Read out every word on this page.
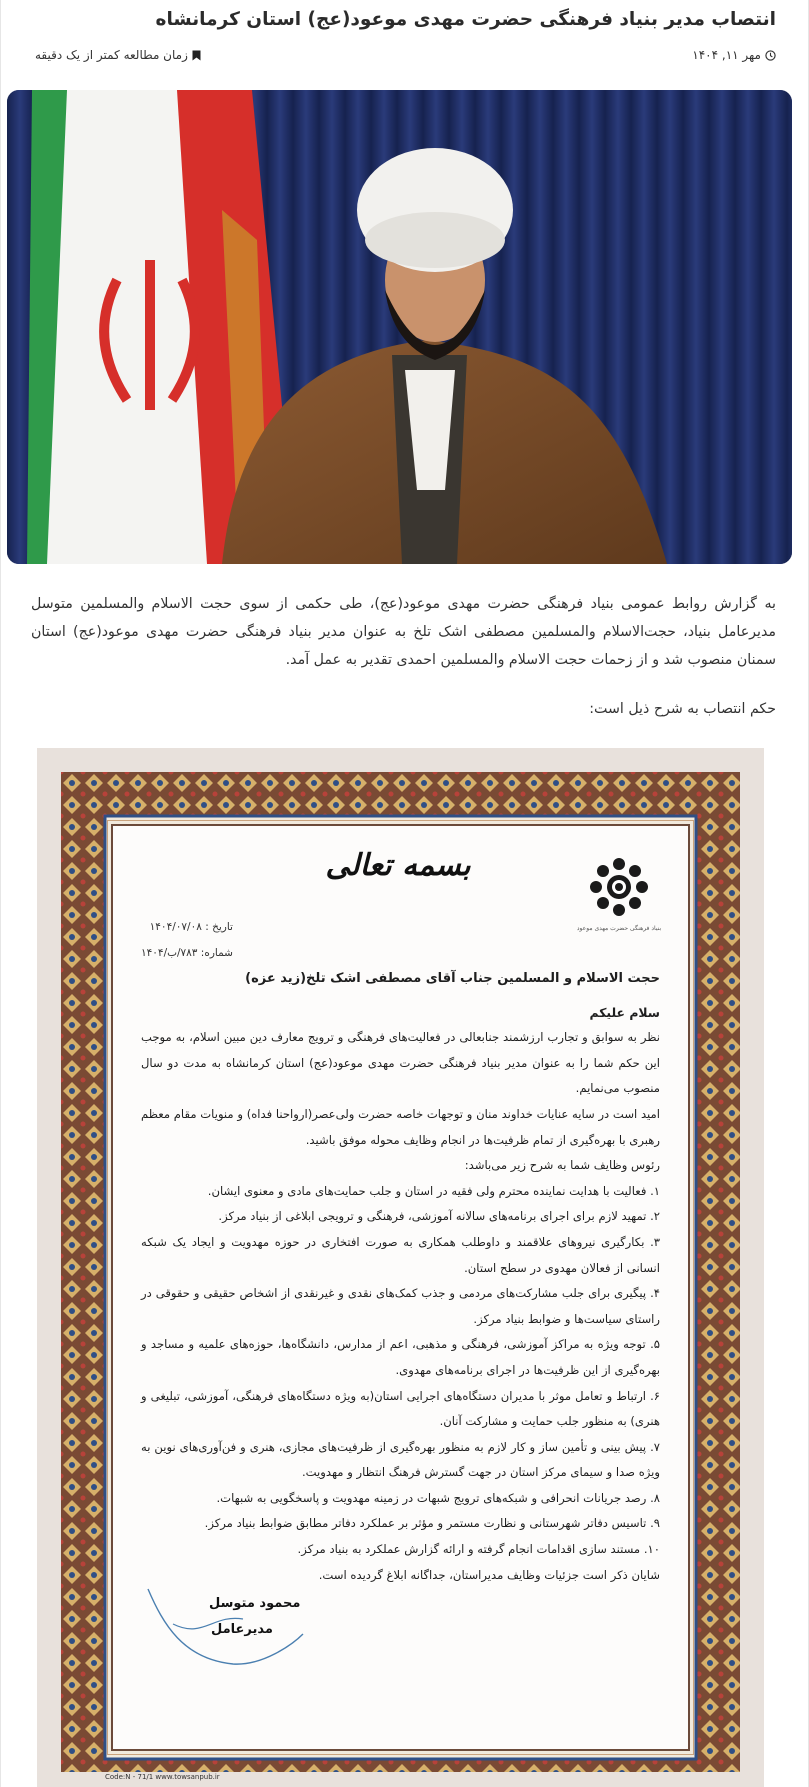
انتصاب مدیر بنیاد فرهنگی حضرت مهدی موعود(عج) استان کرمانشاه
مهر ۱۱, ۱۴۰۴
زمان مطالعه کمتر از یک دقیقه

به گزارش روابط عمومی بنیاد فرهنگی حضرت مهدی موعود(عج)، طی حکمی از سوی حجت الاسلام والمسلمین متوسل مدیرعامل بنیاد، حجت‌الاسلام والمسلمین مصطفی اشک تلخ به عنوان مدیر بنیاد فرهنگی حضرت مهدی موعود(عج) استان سمنان منصوب شد و از زحمات حجت الاسلام والمسلمین احمدی تقدیر به عمل آمد.

حکم انتصاب به شرح ذیل است:

بنیاد فرهنگی حضرت مهدی موعود
بسمه تعالی
تاریخ : ۱۴۰۴/۰۷/۰۸
شماره: ۷۸۳/ب/۱۴۰۴

حجت الاسلام و المسلمین جناب آقای مصطفی اشک تلخ(زید عزه)

سلام علیکم

نظر به سوابق و تجارب ارزشمند جنابعالی در فعالیت‌های فرهنگی و ترویج معارف دین مبین اسلام، به موجب این حکم شما را به عنوان مدیر بنیاد فرهنگی حضرت مهدی موعود(عج) استان کرمانشاه به مدت دو سال منصوب می‌نمایم.

امید است در سایه عنایات خداوند منان و توجهات خاصه حضرت ولی‌عصر(ارواحنا فداه) و منویات مقام معظم رهبری با بهره‌گیری از تمام ظرفیت‌ها در انجام وظایف محوله موفق باشید.

رئوس وظایف شما به شرح زیر می‌باشد:

۱. فعالیت با هدایت نماینده محترم ولی فقیه در استان و جلب حمایت‌های مادی و معنوی ایشان.

۲. تمهید لازم برای اجرای برنامه‌های سالانه آموزشی، فرهنگی و ترویجی ابلاغی از بنیاد مرکز.

۳. بکارگیری نیروهای علاقمند و داوطلب همکاری به صورت افتخاری در حوزه مهدویت و ایجاد یک شبکه انسانی از فعالان مهدوی در سطح استان.

۴. پیگیری برای جلب مشارکت‌های مردمی و جذب کمک‌های نقدی و غیرنقدی از اشخاص حقیقی و حقوقی در راستای سیاست‌ها و ضوابط بنیاد مرکز.

۵. توجه ویژه به مراکز آموزشی، فرهنگی و مذهبی، اعم از مدارس، دانشگاه‌ها، حوزه‌های علمیه و مساجد و بهره‌گیری از این ظرفیت‌ها در اجرای برنامه‌های مهدوی.

۶. ارتباط و تعامل موثر با مدیران دستگاه‌های اجرایی استان(به ویژه دستگاه‌های فرهنگی، آموزشی، تبلیغی و هنری) به منظور جلب حمایت و مشارکت آنان.

۷. پیش بینی و تأمین ساز و کار لازم به منظور بهره‌گیری از ظرفیت‌های مجازی، هنری و فن‌آوری‌های نوین به ویژه صدا و سیمای مرکز استان در جهت گسترش فرهنگ انتظار و مهدویت.

۸. رصد جریانات انحرافی و شبکه‌های ترویج شبهات در زمینه مهدویت و پاسخگویی به شبهات.

۹. تاسیس دفاتر شهرستانی و نظارت مستمر و مؤثر بر عملکرد دفاتر مطابق ضوابط بنیاد مرکز.

۱۰. مستند سازی اقدامات انجام گرفته و ارائه گزارش عملکرد به بنیاد مرکز.

شایان ذکر است جزئیات وظایف مدیراستان، جداگانه ابلاغ گردیده است.

محمود متوسل
مدیرعامل
Code:N - 71/1 www.towsanpub.ir
